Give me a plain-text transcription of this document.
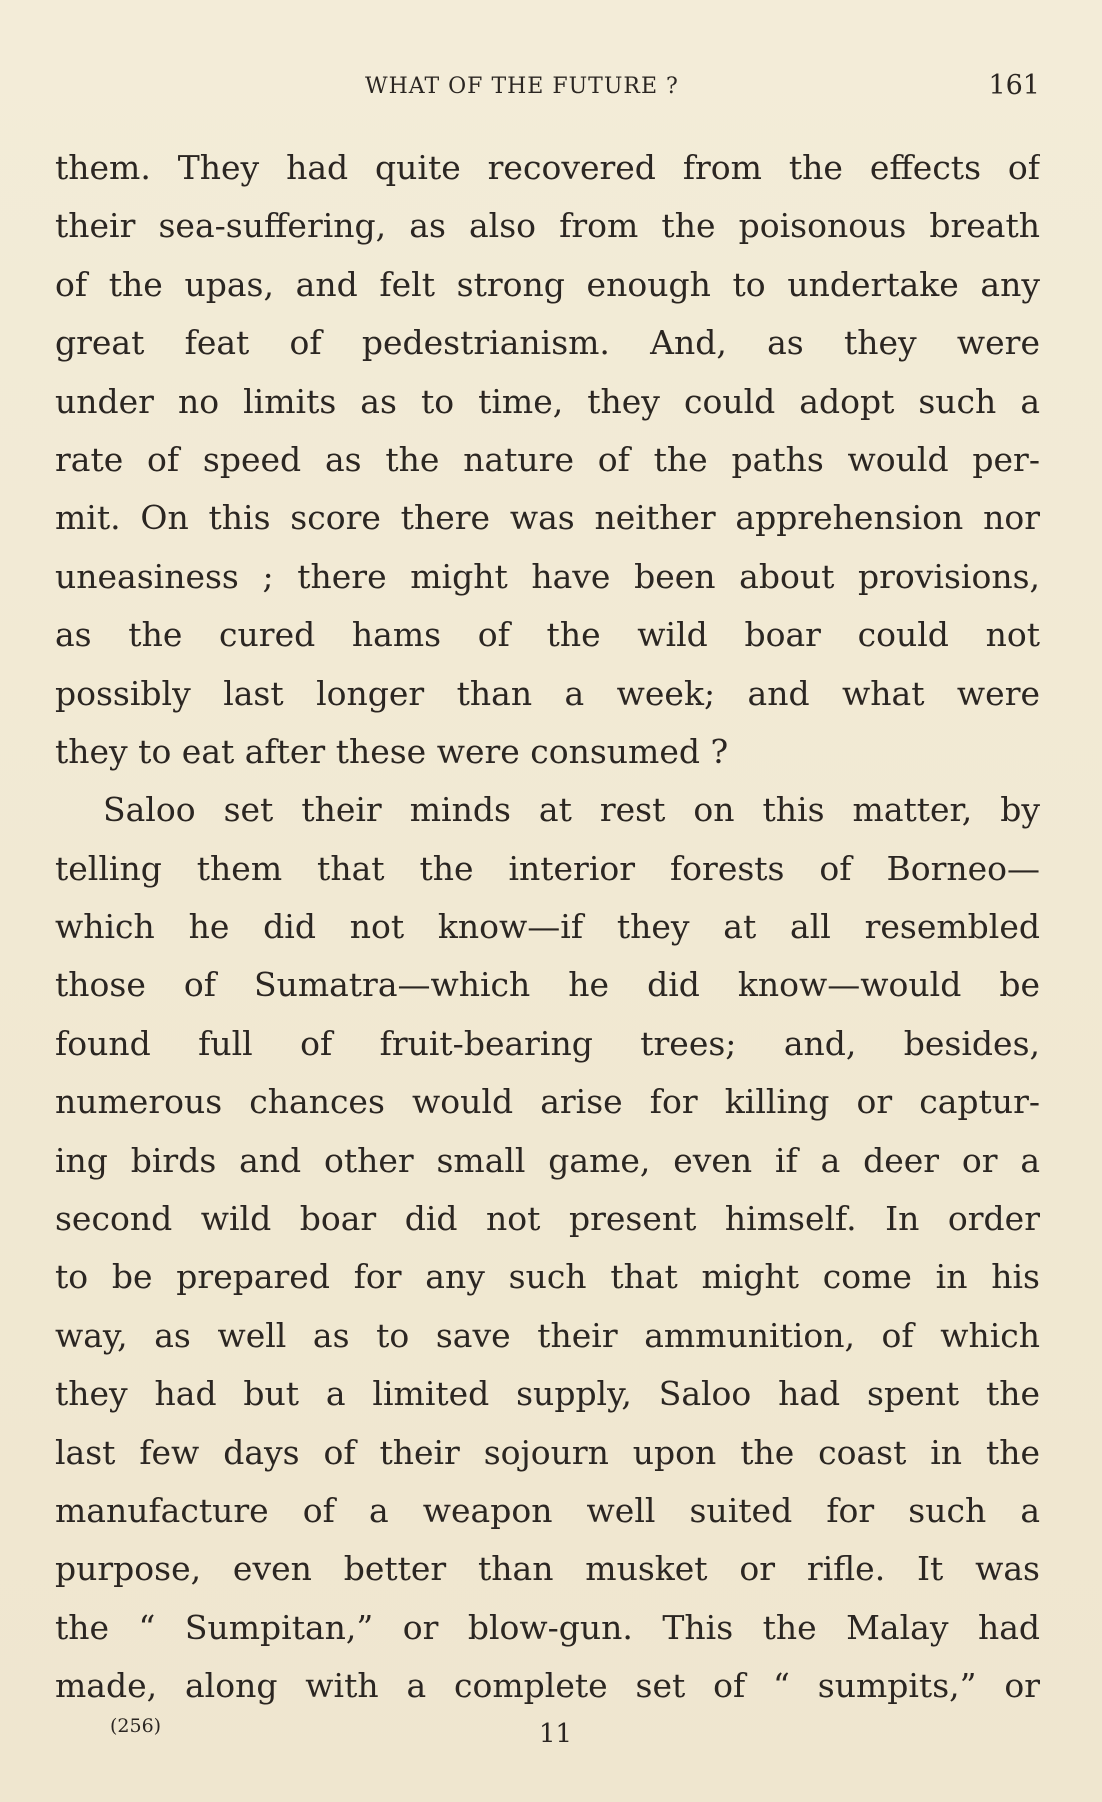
WHAT OF THE FUTURE ?	161
them. They had quite recovered from the effects of
their sea-suffering, as also from the poisonous breath
of the upas, and felt strong enough to undertake any
great feat of pedestrianism. And, as they were
under no limits as to time, they could adopt such a
rate of speed as the nature of the paths would per-
mit. On this score there was neither apprehension nor
uneasiness ; there might have been about provisions,
as the cured hams of the wild boar could not
possibly last longer than a week; and what were
they to eat after these were consumed ?
Saloo set their minds at rest on this matter, by
telling them that the interior forests of Borneo—
which he did not know—if they at all resembled
those of Sumatra—which he did know—would be
found full of fruit-bearing trees; and, besides,
numerous chances would arise for killing or captur-
ing birds and other small game, even if a deer or a
second wild boar did not present himself. In order
to be prepared for any such that might come in his
way, as well as to save their ammunition, of which
they had but a limited supply, Saloo had spent the
last few days of their sojourn upon the coast in the
manufacture of a weapon well suited for such a
purpose, even better than musket or rifle. It was
the “ Sumpitan,” or blow-gun. This the Malay had
made, along with a complete set of “ sumpits,” or
(256)	11
